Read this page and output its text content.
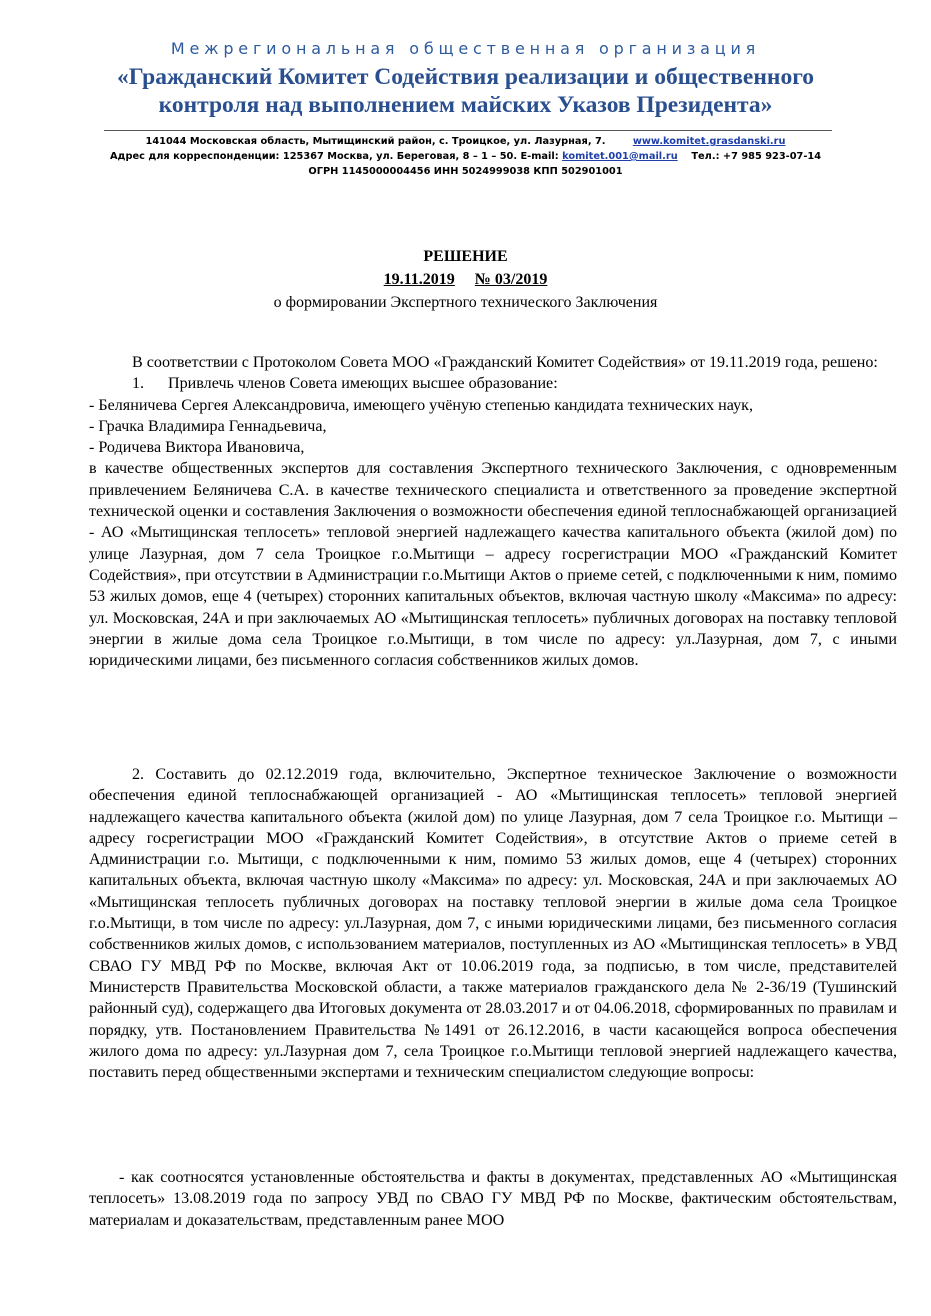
Межрегиональная общественная организация
«Гражданский Комитет Содействия реализации и общественного
контроля над выполнением майских Указов Президента»
141044 Московская область, Мытищинский район, с. Троицкое, ул. Лазурная, 7.	www.komitet.grasdanski.ru
Адрес для корреспонденции: 125367 Москва, ул. Береговая, 8 – 1 – 50. E-mail: komitet.001@mail.ru Тел.: +7 985 923-07-14
ОГРН 1145000004456 ИНН 5024999038 КПП 502901001
РЕШЕНИЕ
19.11.2019 № 03/2019
о формировании Экспертного технического Заключения

В соответствии с Протоколом Совета МОО «Гражданский Комитет Содействия» от 19.11.2019 года, решено:

1. Привлечь членов Совета имеющих высшее образование:
- Беляничева Сергея Александровича, имеющего учёную степенью кандидата технических наук,
- Грачка Владимира Геннадьевича,
- Родичева Виктора Ивановича,

в качестве общественных экспертов для составления Экспертного технического Заключения, с одновременным привлечением Беляничева С.А. в качестве технического специалиста и ответственного за проведение экспертной технической оценки и составления Заключения о возможности обеспечения единой теплоснабжающей организацией - АО «Мытищинская теплосеть» тепловой энергией надлежащего качества капитального объекта (жилой дом) по улице Лазурная, дом 7 села Троицкое г.о.Мытищи – адресу госрегистрации МОО «Гражданский Комитет Содействия», при отсутствии в Администрации г.о.Мытищи Актов о приеме сетей, с подключенными к ним, помимо 53 жилых домов, еще 4 (четырех) сторонних капитальных объектов, включая частную школу «Максима» по адресу: ул. Московская, 24А и при заключаемых АО «Мытищинская теплосеть» публичных договорах на поставку тепловой энергии в жилые дома села Троицкое г.о.Мытищи, в том числе по адресу: ул.Лазурная, дом 7, с иными юридическими лицами, без письменного согласия собственников жилых домов.

2. Составить до 02.12.2019 года, включительно, Экспертное техническое Заключение о возможности обеспечения единой теплоснабжающей организацией - АО «Мытищинская теплосеть» тепловой энергией надлежащего качества капитального объекта (жилой дом) по улице Лазурная, дом 7 села Троицкое г.о. Мытищи – адресу госрегистрации МОО «Гражданский Комитет Содействия», в отсутствие Актов о приеме сетей в Администрации г.о. Мытищи, с подключенными к ним, помимо 53 жилых домов, еще 4 (четырех) сторонних капитальных объекта, включая частную школу «Максима» по адресу: ул. Московская, 24А и при заключаемых АО «Мытищинская теплосеть публичных договорах на поставку тепловой энергии в жилые дома села Троицкое г.о.Мытищи, в том числе по адресу: ул.Лазурная, дом 7, с иными юридическими лицами, без письменного согласия собственников жилых домов, с использованием материалов, поступленных из АО «Мытищинская теплосеть» в УВД СВАО ГУ МВД РФ по Москве, включая Акт от 10.06.2019 года, за подписью, в том числе, представителей Министерств Правительства Московской области, а также материалов гражданского дела № 2-36/19 (Тушинский районный суд), содержащего два Итоговых документа от 28.03.2017 и от 04.06.2018, сформированных по правилам и порядку, утв. Постановлением Правительства №1491 от 26.12.2016, в части касающейся вопроса обеспечения жилого дома по адресу: ул.Лазурная дом 7, села Троицкое г.о.Мытищи тепловой энергией надлежащего качества, поставить перед общественными экспертами и техническим специалистом следующие вопросы:

- как соотносятся установленные обстоятельства и факты в документах, представленных АО «Мытищинская теплосеть» 13.08.2019 года по запросу УВД по СВАО ГУ МВД РФ по Москве, фактическим обстоятельствам, материалам и доказательствам, представленным ранее МОО
